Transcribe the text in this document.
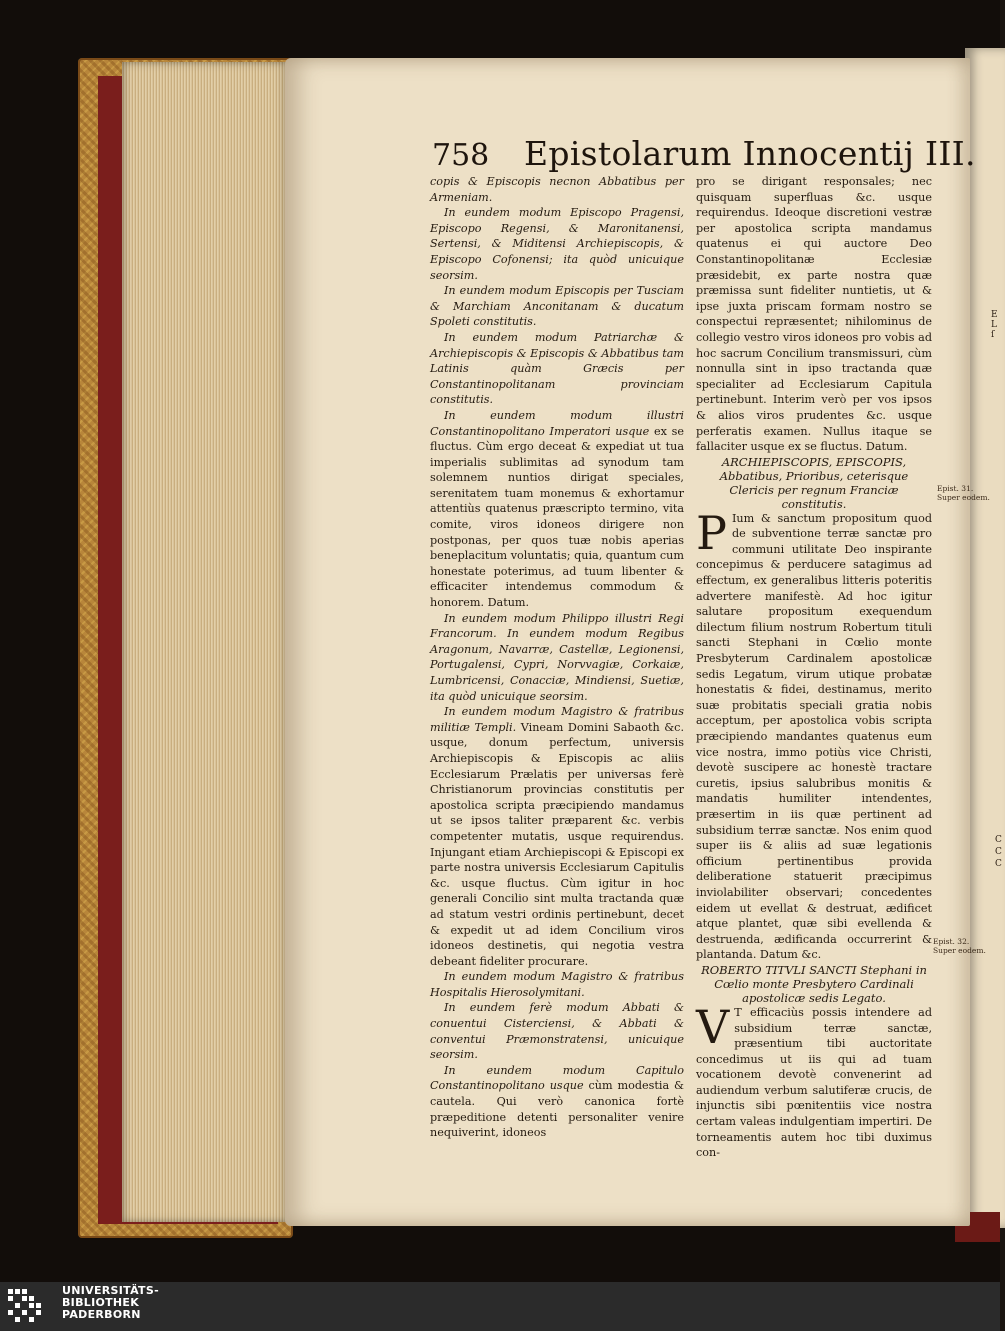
E
L
ſ
C
C
C
758 Epistolarum Innocentij III.

copis & Episcopis necnon Abbatibus per Armeniam.

In eundem modum Episcopo Pragensi, Episcopo Regensi, & Maronitanensi, Sertensi, & Miditensi Archiepiscopis, & Episcopo Cofonensi; ita quòd unicuique seorsim.

In eundem modum Episcopis per Tusciam & Marchiam Anconitanam & ducatum Spoleti constitutis.

In eundem modum Patriarchæ & Archiepiscopis & Episcopis & Abbatibus tam Latinis quàm Græcis per Constantinopolitanam provinciam constitutis.

In eundem modum illustri Constantinopolitano Imperatori usque ex se fluctus. Cùm ergo deceat & expediat ut tua imperialis sublimitas ad synodum tam solemnem nuntios dirigat speciales, serenitatem tuam monemus & exhortamur attentiùs quatenus præscripto termino, vita comite, viros idoneos dirigere non postponas, per quos tuæ nobis aperias beneplacitum voluntatis; quia, quantum cum honestate poterimus, ad tuum libenter & efficaciter intendemus commodum & honorem. Datum.

In eundem modum Philippo illustri Regi Francorum. In eundem modum Regibus Aragonum, Navarræ, Castellæ, Legionensi, Portugalensi, Cypri, Norvvagiæ, Corkaiæ, Lumbricensi, Conacciæ, Mindiensi, Suetiæ, ita quòd unicuique seorsim.

In eundem modum Magistro & fratribus militiæ Templi. Vineam Domini Sabaoth &c. usque, donum perfectum, universis Archiepiscopis & Episcopis ac aliis Ecclesiarum Prælatis per universas ferè Christianorum provincias constitutis per apostolica scripta præcipiendo mandamus ut se ipsos taliter præparent &c. verbis competenter mutatis, usque requirendus. Injungant etiam Archiepiscopi & Episcopi ex parte nostra universis Ecclesiarum Capitulis &c. usque fluctus. Cùm igitur in hoc generali Concilio sint multa tractanda quæ ad statum vestri ordinis pertinebunt, decet & expedit ut ad idem Concilium viros idoneos destinetis, qui negotia vestra debeant fideliter procurare.

In eundem modum Magistro & fratribus Hospitalis Hierosolymitani.

In eundem ferè modum Abbati & conuentui Cisterciensi, & Abbati & conventui Præmonstratensi, unicuique seorsim.

In eundem modum Capitulo Constantinopolitano usque cùm modestia & cautela. Qui verò canonica fortè præpeditione detenti personaliter venire nequiverint, idoneos

pro se dirigant responsales; nec quisquam superfluas &c. usque requirendus. Ideoque discretioni vestræ per apostolica scripta mandamus quatenus ei qui auctore Deo Constantinopolitanæ Ecclesiæ præsidebit, ex parte nostra quæ præmissa sunt fideliter nuntietis, ut & ipse juxta priscam formam nostro se conspectui repræsentet; nihilominus de collegio vestro viros idoneos pro vobis ad hoc sacrum Concilium transmissuri, cùm nonnulla sint in ipso tractanda quæ specialiter ad Ecclesiarum Capitula pertinebunt. Interim verò per vos ipsos & alios viros prudentes &c. usque perferatis examen. Nullus itaque se fallaciter usque ex se fluctus. Datum.

ARCHIEPISCOPIS, EPISCOPIS, Abbatibus, Prioribus, ceterisque Clericis per regnum Franciæ constitutis.

P Ium & sanctum propositum quod de subventione terræ sanctæ pro communi utilitate Deo inspirante concepimus & perducere satagimus ad effectum, ex generalibus litteris poteritis advertere manifestè. Ad hoc igitur salutare propositum exequendum dilectum filium nostrum Robertum tituli sancti Stephani in Cœlio monte Presbyterum Cardinalem apostolicæ sedis Legatum, virum utique probatæ honestatis & fidei, destinamus, merito suæ probitatis speciali gratia nobis acceptum, per apostolica vobis scripta præcipiendo mandantes quatenus eum vice nostra, immo potiùs vice Christi, devotè suscipere ac honestè tractare curetis, ipsius salubribus monitis & mandatis humiliter intendentes, præsertim in iis quæ pertinent ad subsidium terræ sanctæ. Nos enim quod super iis & aliis ad suæ legationis officium pertinentibus provida deliberatione statuerit præcipimus inviolabiliter observari; concedentes eidem ut evellat & destruat, ædificet atque plantet, quæ sibi evellenda & destruenda, ædificanda occurrerint & plantanda. Datum &c.

ROBERTO TITVLI SANCTI Stephani in Cœlio monte Presbytero Cardinali apostolicæ sedis Legato.

V T efficaciùs possis intendere ad subsidium terræ sanctæ, præsentium tibi auctoritate concedimus ut iis qui ad tuam vocationem devotè convenerint ad audiendum verbum salutiferæ crucis, de injunctis sibi pœnitentiis vice nostra certam valeas indulgentiam impertiri. De torneamentis autem hoc tibi duximus con-

Epist. 31.
Super eodem.
Epist. 32.
Super eodem.
UNIVERSITÄTS-
BIBLIOTHEK
PADERBORN
